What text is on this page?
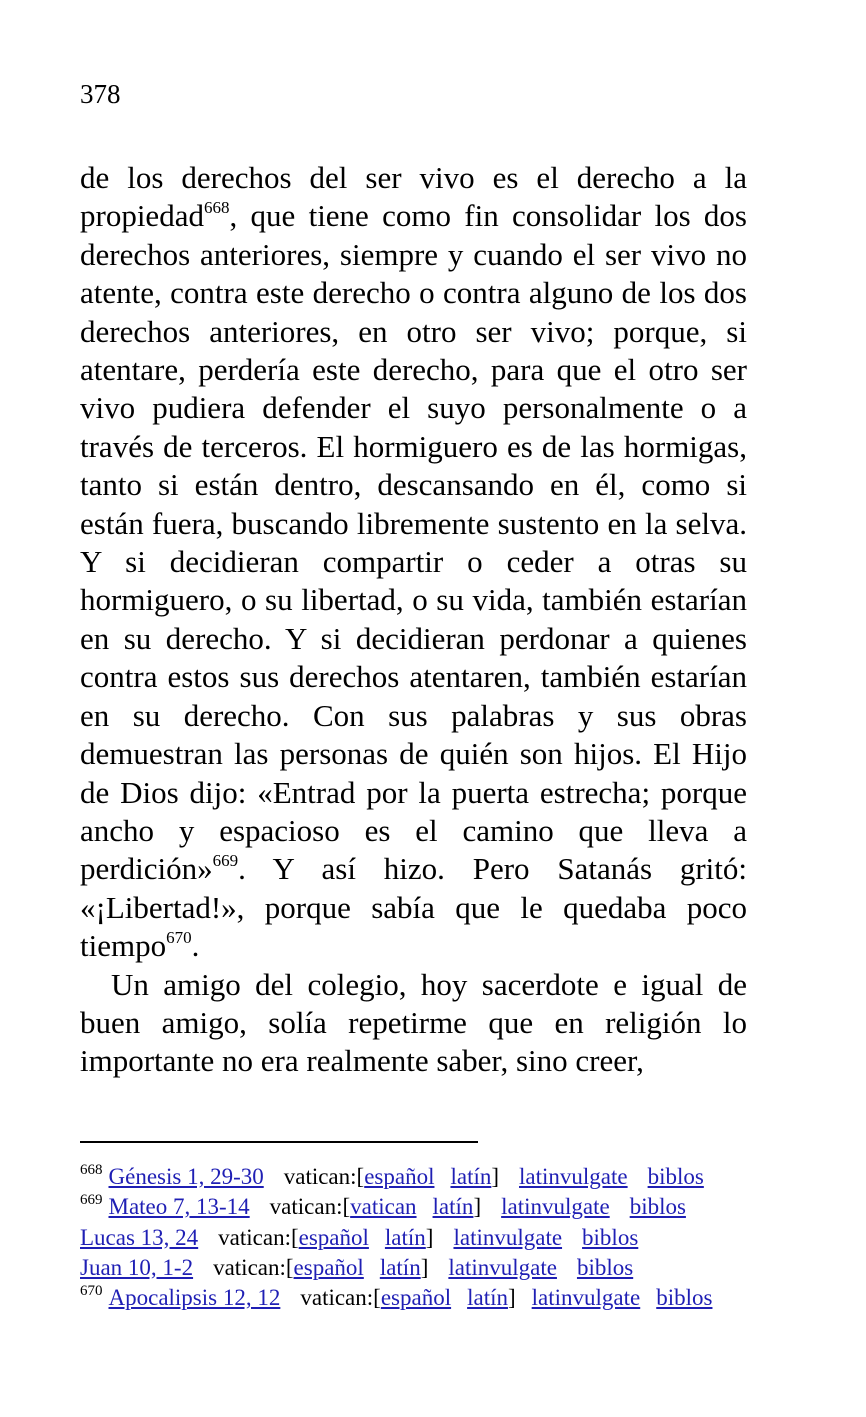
378

de los derechos del ser vivo es el derecho a la propiedad$^{668}$, que tiene como fin consolidar los dos derechos anteriores, siempre y cuando el ser vivo no atente, contra este derecho o contra alguno de los dos derechos anteriores, en otro ser vivo; porque, si atentare, perdería este derecho, para que el otro ser vivo pudiera defender el suyo personalmente o a través de terceros. El hormiguero es de las hormigas, tanto si están dentro, descansando en él, como si están fuera, buscando libremente sustento en la selva. Y si decidieran compartir o ceder a otras su hormiguero, o su libertad, o su vida, también estarían en su derecho. Y si decidieran perdonar a quienes contra estos sus derechos atentaren, también estarían en su derecho. Con sus palabras y sus obras demuestran las personas de quién son hijos. El Hijo de Dios dijo: «Entrad por la puerta estrecha; porque ancho y espacioso es el camino que lleva a perdición»$^{669}$. Y así hizo. Pero Satanás gritó: «¡Libertad!», porque sabía que le quedaba poco tiempo$^{670}$.

Un amigo del colegio, hoy sacerdote e igual de buen amigo, solía repetirme que en religión lo importante no era realmente saber, sino creer,

$^{668}$ Génesis 1, 29-30 vatican:[español latín] latinvulgate biblos
$^{669}$ Mateo 7, 13-14 vatican:[vatican latín] latinvulgate biblos
Lucas 13, 24 vatican:[español latín] latinvulgate biblos
Juan 10, 1-2 vatican:[español latín] latinvulgate biblos
$^{670}$ Apocalipsis 12, 12 vatican:[español latín] latinvulgate biblos
